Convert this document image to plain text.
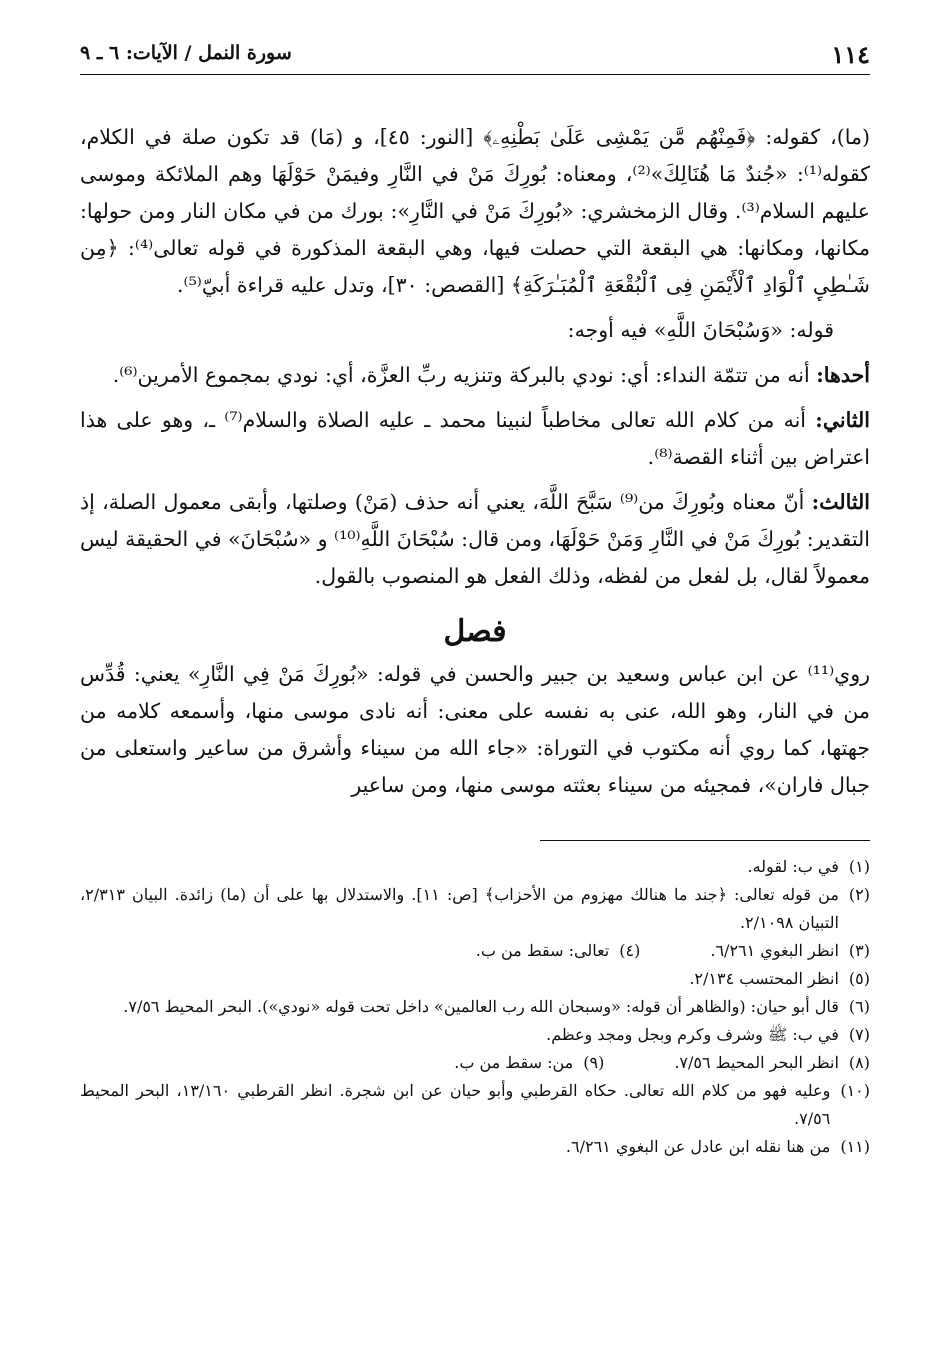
١١٤
سورة النمل / الآيات: ٦ ـ ٩

(ما)، كقوله: ﴿فَمِنْهُم مَّن يَمْشِى عَلَىٰ بَطْنِهِۦ﴾ [النور: ٤٥]، و (مَا) قد تكون صلة في الكلام، كقوله⁽¹⁾: «جُندٌ مَا هُنَالِكَ»⁽²⁾، ومعناه: بُورِكَ مَنْ في النَّارِ وفيمَنْ حَوْلَهَا وهم الملائكة وموسى عليهم السلام⁽³⁾. وقال الزمخشري: «بُورِكَ مَنْ في النَّارِ»: بورك من في مكان النار ومن حولها: مكانها، ومكانها: هي البقعة التي حصلت فيها، وهي البقعة المذكورة في قوله تعالى⁽⁴⁾: ﴿مِن شَـٰطِىِٕ ٱلْوَادِ ٱلْأَيْمَنِ فِى ٱلْبُقْعَةِ ٱلْمُبَـٰرَكَةِ﴾ [القصص: ٣٠]، وتدل عليه قراءة أبيّ⁽⁵⁾.

قوله: «وَسُبْحَانَ اللَّهِ» فيه أوجه:

أحدها: أنه من تتمّة النداء: أي: نودي بالبركة وتنزيه ربِّ العزَّة، أي: نودي بمجموع الأمرين⁽⁶⁾.

الثاني: أنه من كلام الله تعالى مخاطباً لنبينا محمد ـ عليه الصلاة والسلام⁽⁷⁾ ـ، وهو على هذا اعتراض بين أثناء القصة⁽⁸⁾.

الثالث: أنّ معناه وبُورِكَ من⁽⁹⁾ سَبَّحَ اللَّهَ، يعني أنه حذف (مَنْ) وصلتها، وأبقى معمول الصلة، إذ التقدير: بُورِكَ مَنْ في النَّارِ وَمَنْ حَوْلَهَا، ومن قال: سُبْحَانَ اللَّهِ⁽¹⁰⁾ و «سُبْحَانَ» في الحقيقة ليس معمولاً لقال، بل لفعل من لفظه، وذلك الفعل هو المنصوب بالقول.

فصل

روي⁽¹¹⁾ عن ابن عباس وسعيد بن جبير والحسن في قوله: «بُورِكَ مَنْ فِي النَّارِ» يعني: قُدِّس من في النار، وهو الله، عنى به نفسه على معنى: أنه نادى موسى منها، وأسمعه كلامه من جهتها، كما روي أنه مكتوب في التوراة: «جاء الله من سيناء وأشرق من ساعير واستعلى من جبال فاران»، فمجيئه من سيناء بعثته موسى منها، ومن ساعير

(١)
في ب: لقوله.
(٢)
من قوله تعالى: ﴿جند ما هنالك مهزوم من الأحزاب﴾ [ص: ١١]. والاستدلال بها على أن (ما) زائدة. البيان ٢/٣١٣، التبيان ٢/١٠٩٨.
(٣)
انظر البغوي ٦/٢٦١.
(٤)
تعالى: سقط من ب.
(٥)
انظر المحتسب ٢/١٣٤.
(٦)
قال أبو حيان: (والظاهر أن قوله: «وسبحان الله رب العالمين» داخل تحت قوله «نودي»). البحر المحيط ٧/٥٦.
(٧)
في ب: ﷺ وشرف وكرم وبجل ومجد وعظم.
(٨)
انظر البحر المحيط ٧/٥٦.
(٩)
من: سقط من ب.
(١٠)
وعليه فهو من كلام الله تعالى. حكاه القرطبي وأبو حيان عن ابن شجرة. انظر القرطبي ١٣/١٦٠، البحر المحيط ٧/٥٦.
(١١)
من هنا نقله ابن عادل عن البغوي ٦/٢٦١.
